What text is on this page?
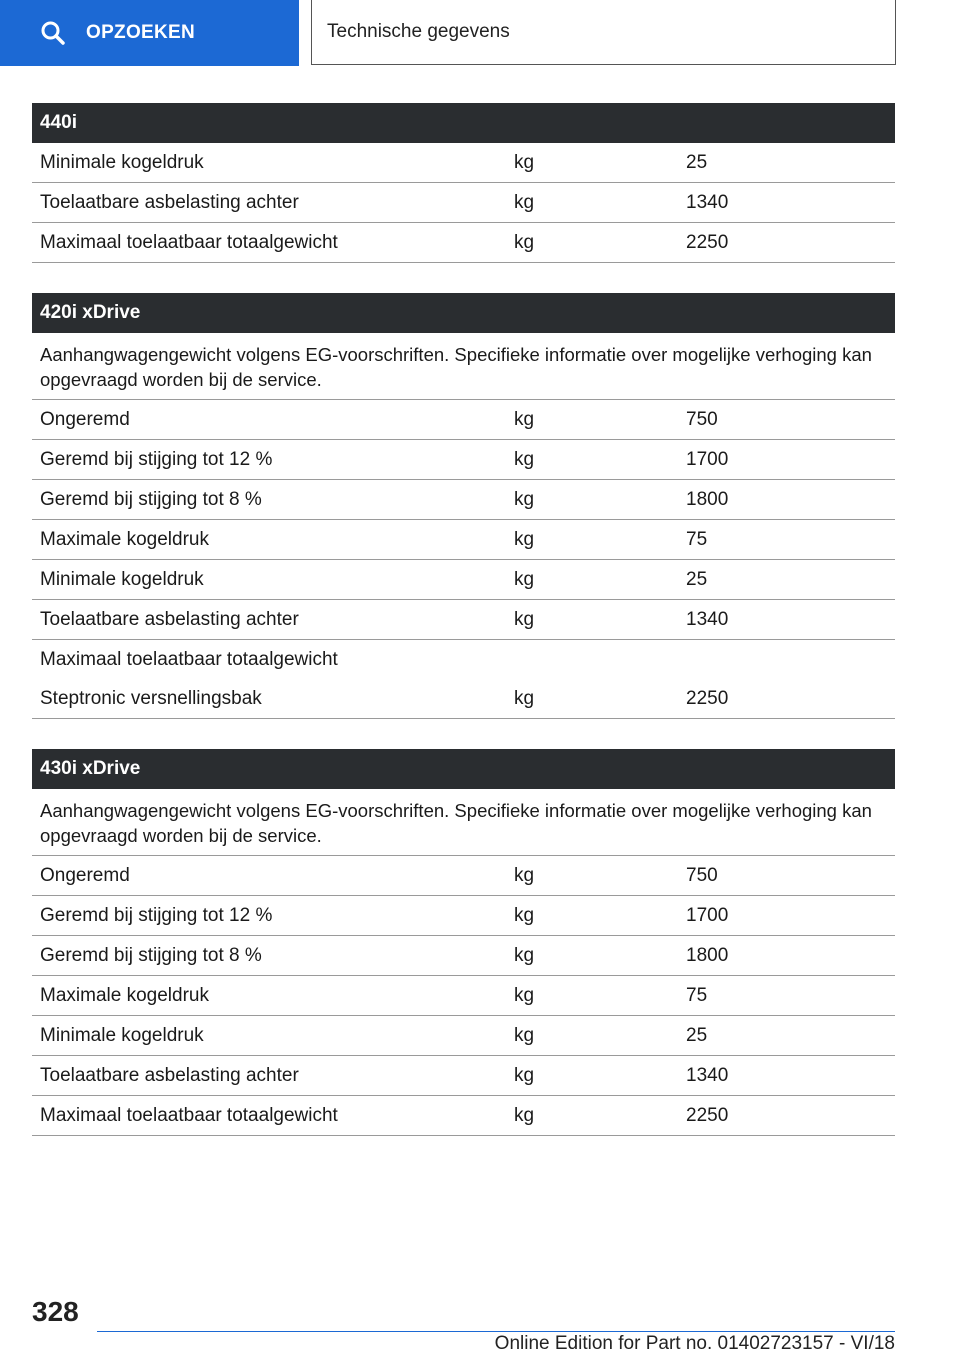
OPZOEKEN	Technische gegevens
440i
Minimale kogeldruk	kg	25
Toelaatbare asbelasting achter	kg	1340
Maximaal toelaatbaar totaalgewicht	kg	2250
420i xDrive
Aanhangwagengewicht volgens EG-voorschriften. Specifieke informatie over mogelijke verhoging kan opgevraagd worden bij de service.
Ongeremd	kg	750
Geremd bij stijging tot 12 %	kg	1700
Geremd bij stijging tot 8 %	kg	1800
Maximale kogeldruk	kg	75
Minimale kogeldruk	kg	25
Toelaatbare asbelasting achter	kg	1340
Maximaal toelaatbaar totaalgewicht
Steptronic versnellingsbak	kg	2250
430i xDrive
Aanhangwagengewicht volgens EG-voorschriften. Specifieke informatie over mogelijke verhoging kan opgevraagd worden bij de service.
Ongeremd	kg	750
Geremd bij stijging tot 12 %	kg	1700
Geremd bij stijging tot 8 %	kg	1800
Maximale kogeldruk	kg	75
Minimale kogeldruk	kg	25
Toelaatbare asbelasting achter	kg	1340
Maximaal toelaatbaar totaalgewicht	kg	2250
328
Online Edition for Part no. 01402723157 - VI/18
